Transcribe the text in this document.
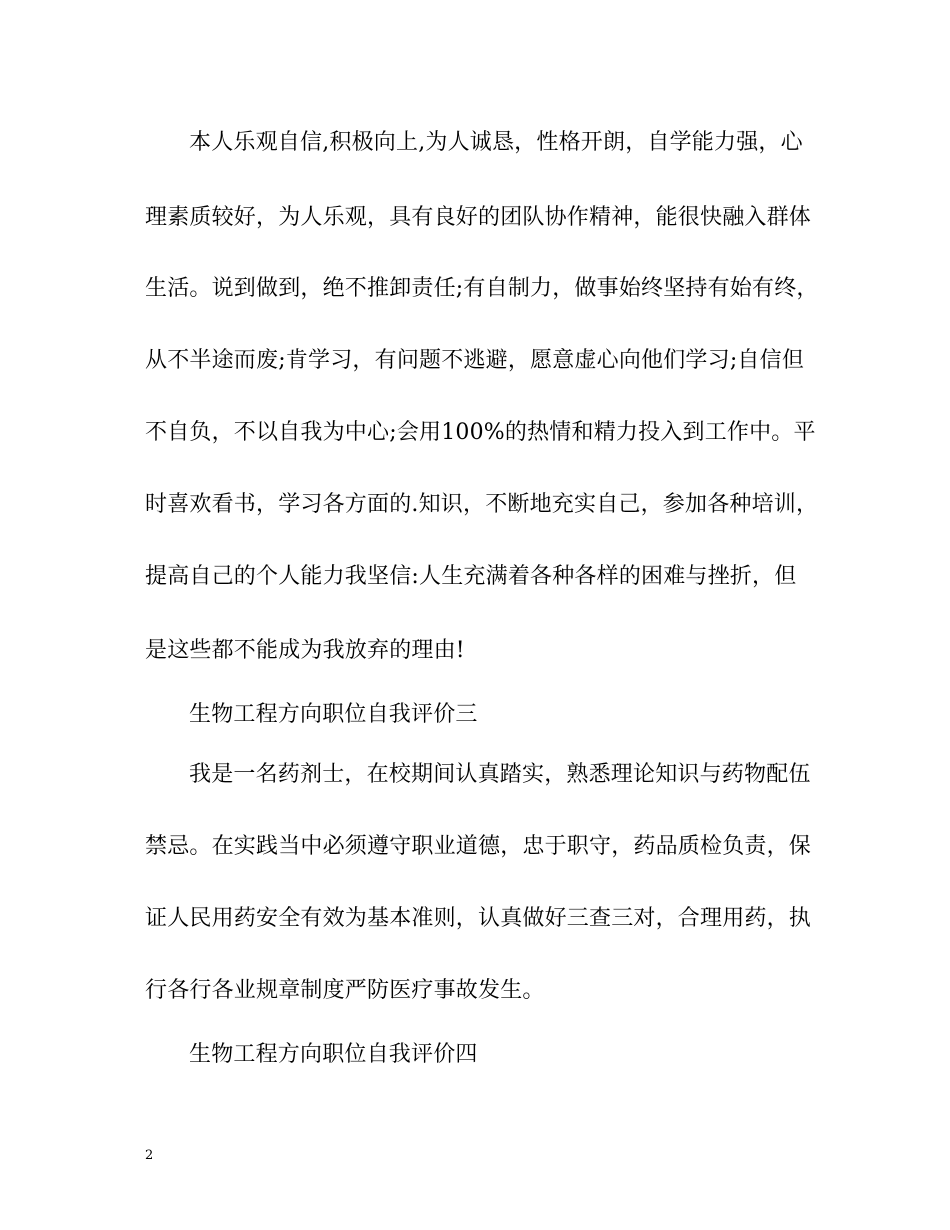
本人乐观自信,积极向上,为人诚恳，性格开朗，自学能力强，心
理素质较好，为人乐观，具有良好的团队协作精神，能很快融入群体
生活。说到做到，绝不推卸责任;有自制力，做事始终坚持有始有终，
从不半途而废;肯学习，有问题不逃避，愿意虚心向他们学习;自信但
不自负，不以自我为中心;会用100%的热情和精力投入到工作中。平
时喜欢看书，学习各方面的.知识，不断地充实自己，参加各种培训，
提高自己的个人能力我坚信:人生充满着各种各样的困难与挫折，但
是这些都不能成为我放弃的理由!
生物工程方向职位自我评价三
我是一名药剂士，在校期间认真踏实，熟悉理论知识与药物配伍
禁忌。在实践当中必须遵守职业道德，忠于职守，药品质检负责，保
证人民用药安全有效为基本准则，认真做好三查三对，合理用药，执
行各行各业规章制度严防医疗事故发生。
生物工程方向职位自我评价四
2
